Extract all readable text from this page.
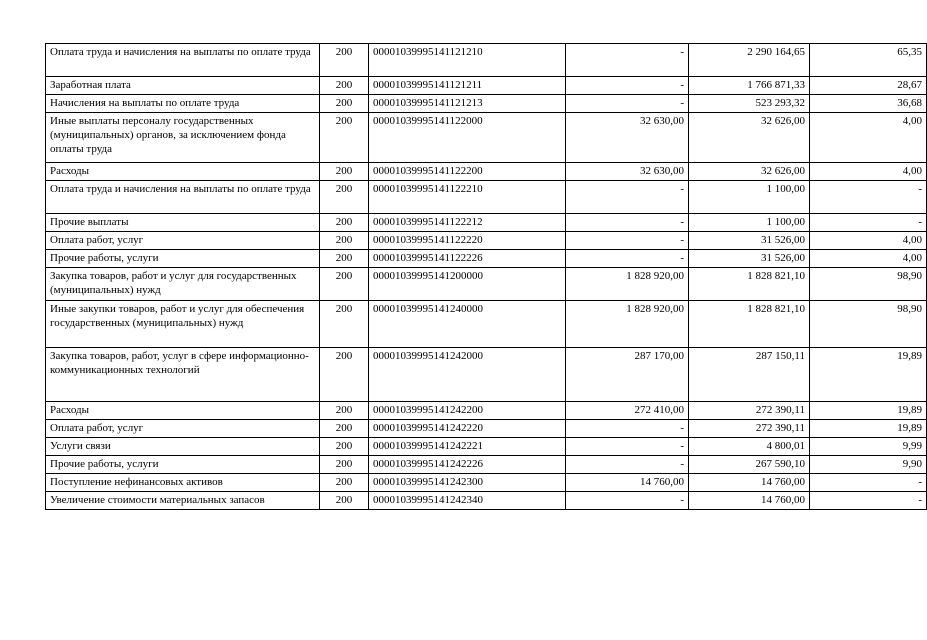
Оплата труда и начисления на выплаты по оплате труда	200	00001039995141121210	-	2 290 164,65	65,35
Заработная плата	200	00001039995141121211	-	1 766 871,33	28,67
Начисления на выплаты по оплате труда	200	00001039995141121213	-	523 293,32	36,68
Иные выплаты персоналу государственных (муниципальных) органов, за исключением фонда оплаты труда	200	00001039995141122000	32 630,00	32 626,00	4,00
Расходы	200	00001039995141122200	32 630,00	32 626,00	4,00
Оплата труда и начисления на выплаты по оплате труда	200	00001039995141122210	-	1 100,00	-
Прочие выплаты	200	00001039995141122212	-	1 100,00	-
Оплата работ, услуг	200	00001039995141122220	-	31 526,00	4,00
Прочие работы, услуги	200	00001039995141122226	-	31 526,00	4,00
Закупка товаров, работ и услуг для государственных (муниципальных) нужд	200	00001039995141200000	1 828 920,00	1 828 821,10	98,90
Иные закупки товаров, работ и услуг для обеспечения государственных (муниципальных) нужд	200	00001039995141240000	1 828 920,00	1 828 821,10	98,90
Закупка товаров, работ, услуг в сфере информационно-коммуникационных технологий	200	00001039995141242000	287 170,00	287 150,11	19,89
Расходы	200	00001039995141242200	272 410,00	272 390,11	19,89
Оплата работ, услуг	200	00001039995141242220	-	272 390,11	19,89
Услуги связи	200	00001039995141242221	-	4 800,01	9,99
Прочие работы, услуги	200	00001039995141242226	-	267 590,10	9,90
Поступление нефинансовых активов	200	00001039995141242300	14 760,00	14 760,00	-
Увеличение стоимости материальных запасов	200	00001039995141242340	-	14 760,00	-
